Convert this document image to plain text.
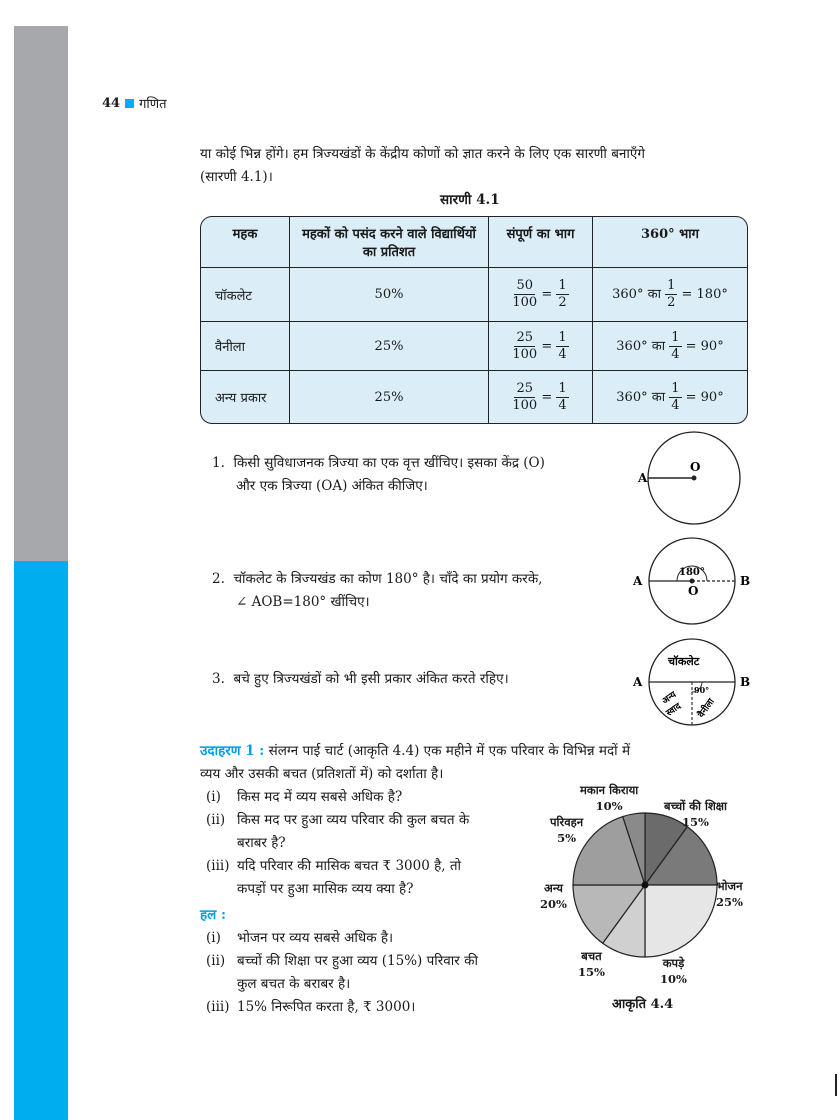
44 गणित
या कोई भिन्न होंगे। हम त्रिज्यखंडों के केंद्रीय कोणों को ज्ञात करने के लिए एक सारणी बनाएँगे
(सारणी 4.1)।
सारणी 4.1
महक	महकों को पसंद करने वाले विद्यार्थियों का प्रतिशत	संपूर्ण का भाग	360° भाग
चॉकलेट	50%	$\frac{50}{100} = \frac{1}{2}$	360° का $\frac{1}{2} = 180^\circ$
वैनीला	25%	$\frac{25}{100} = \frac{1}{4}$	360° का $\frac{1}{4} = 90^\circ$
अन्य प्रकार	25%	$\frac{25}{100} = \frac{1}{4}$	360° का $\frac{1}{4} = 90^\circ$
1. किसी सुविधाजनक त्रिज्या का एक वृत्त खींचिए। इसका केंद्र (O)
और एक त्रिज्या (OA) अंकित कीजिए।
2. चॉकलेट के त्रिज्यखंड का कोण 180° है। चाँदे का प्रयोग करके,
∠ AOB=180° खींचिए।
3. बचे हुए त्रिज्यखंडों को भी इसी प्रकार अंकित करते रहिए।
O
A
180°
O
A	B
चॉकलेट
अन्य
स्वाद वैनीला
90°
A	B
उदाहरण 1 : संलग्न पाई चार्ट (आकृति 4.4) एक महीने में एक परिवार के विभिन्न मदों में
व्यय और उसकी बचत (प्रतिशतों में) को दर्शाता है।
(i)	किस मद में व्यय सबसे अधिक है?
(ii) किस मद पर हुआ व्यय परिवार की कुल बचत के
बराबर है?
(iii) यदि परिवार की मासिक बचत ₹ 3000 है, तो
कपड़ों पर हुआ मासिक व्यय क्या है?
हल :
(i)	भोजन पर व्यय सबसे अधिक है।
(ii) बच्चों की शिक्षा पर हुआ व्यय (15%) परिवार की
कुल बचत के बराबर है।
(iii) 15% निरूपित करता है, ₹ 3000।
मकान किराया
10%	बच्चों की शिक्षा
15%
भोजन
25%
कपड़े
10%
बचत
15%
अन्य
20%
परिवहन
5%
आकृति 4.4
